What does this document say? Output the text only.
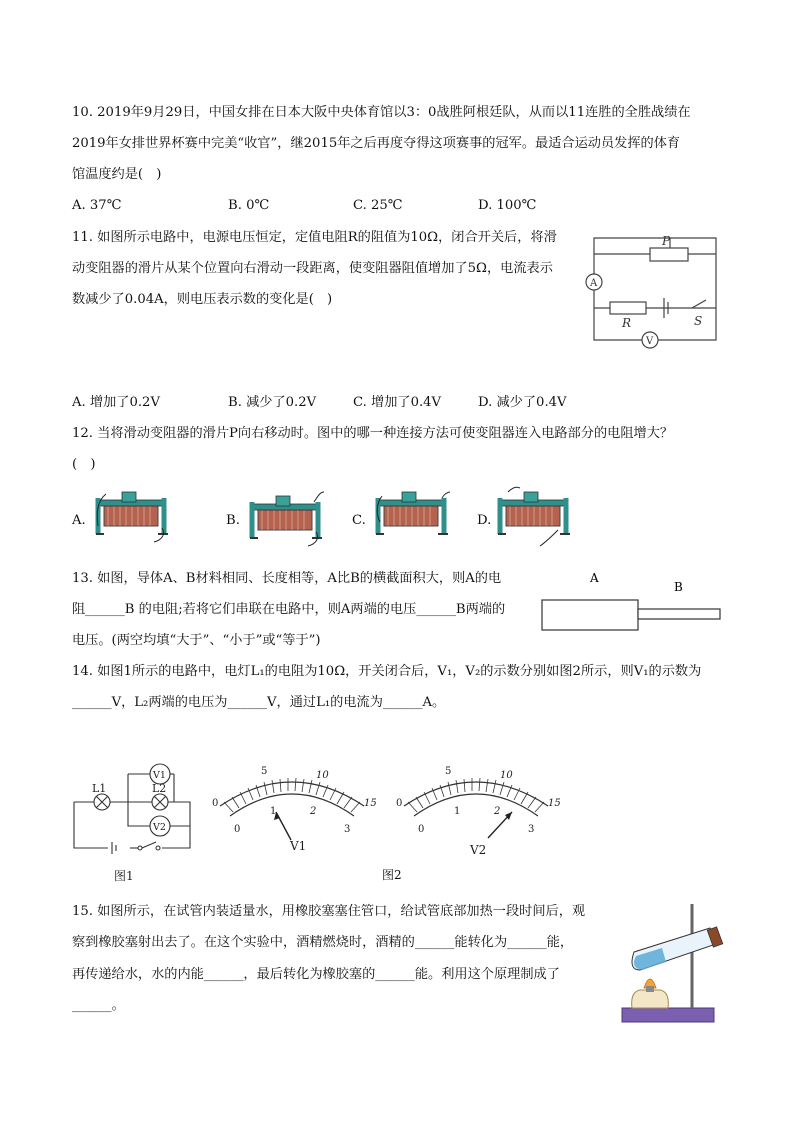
10. 2019年9月29日，中国女排在日本大阪中央体育馆以3：0战胜阿根廷队，从而以11连胜的全胜战绩在
2019年女排世界杯赛中完美“收官”，继2015年之后再度夺得这项赛事的冠军。最适合运动员发挥的体育
馆温度约是(　)
A. 37℃	B. 0℃	C. 25℃	D. 100℃
11. 如图所示电路中，电源电压恒定，定值电阻R的阻值为10Ω，闭合开关后，将滑
动变阻器的滑片从某个位置向右滑动一段距离，使变阻器阻值增加了5Ω，电流表示
数减少了0.04A，则电压表示数的变化是(　)
P
A
R	S
V
A. 增加了0.2V	B. 减少了0.2V	C. 增加了0.4V	D. 减少了0.4V
12. 当将滑动变阻器的滑片P向右移动时。图中的哪一种连接方法可使变阻器连入电路部分的电阻增大？
(　)
A.	B.	C.	D.
13. 如图，导体A、B材料相同、长度相等，A比B的横截面积大，则A的电
阻______B 的电阻;若将它们串联在电路中，则A两端的电压______B两端的
电压。(两空均填“大于”、“小于”或“等于”)
A
B
14. 如图1所示的电路中，电灯L₁的电阻为10Ω，开关闭合后，V₁，V₂的示数分别如图2所示，则V₁的示数为
______V，L₂两端的电压为______V，通过L₁的电流为______A。
L1	L2
V1
V2
图1
0
5	10
15
0
1	2
3
V1
0
5	10
15
0
1	2
3
V2
图2
15. 如图所示，在试管内装适量水，用橡胶塞塞住管口，给试管底部加热一段时间后，观
察到橡胶塞射出去了。在这个实验中，酒精燃烧时，酒精的______能转化为______能，
再传递给水，水的内能______，最后转化为橡胶塞的______能。利用这个原理制成了
______。
